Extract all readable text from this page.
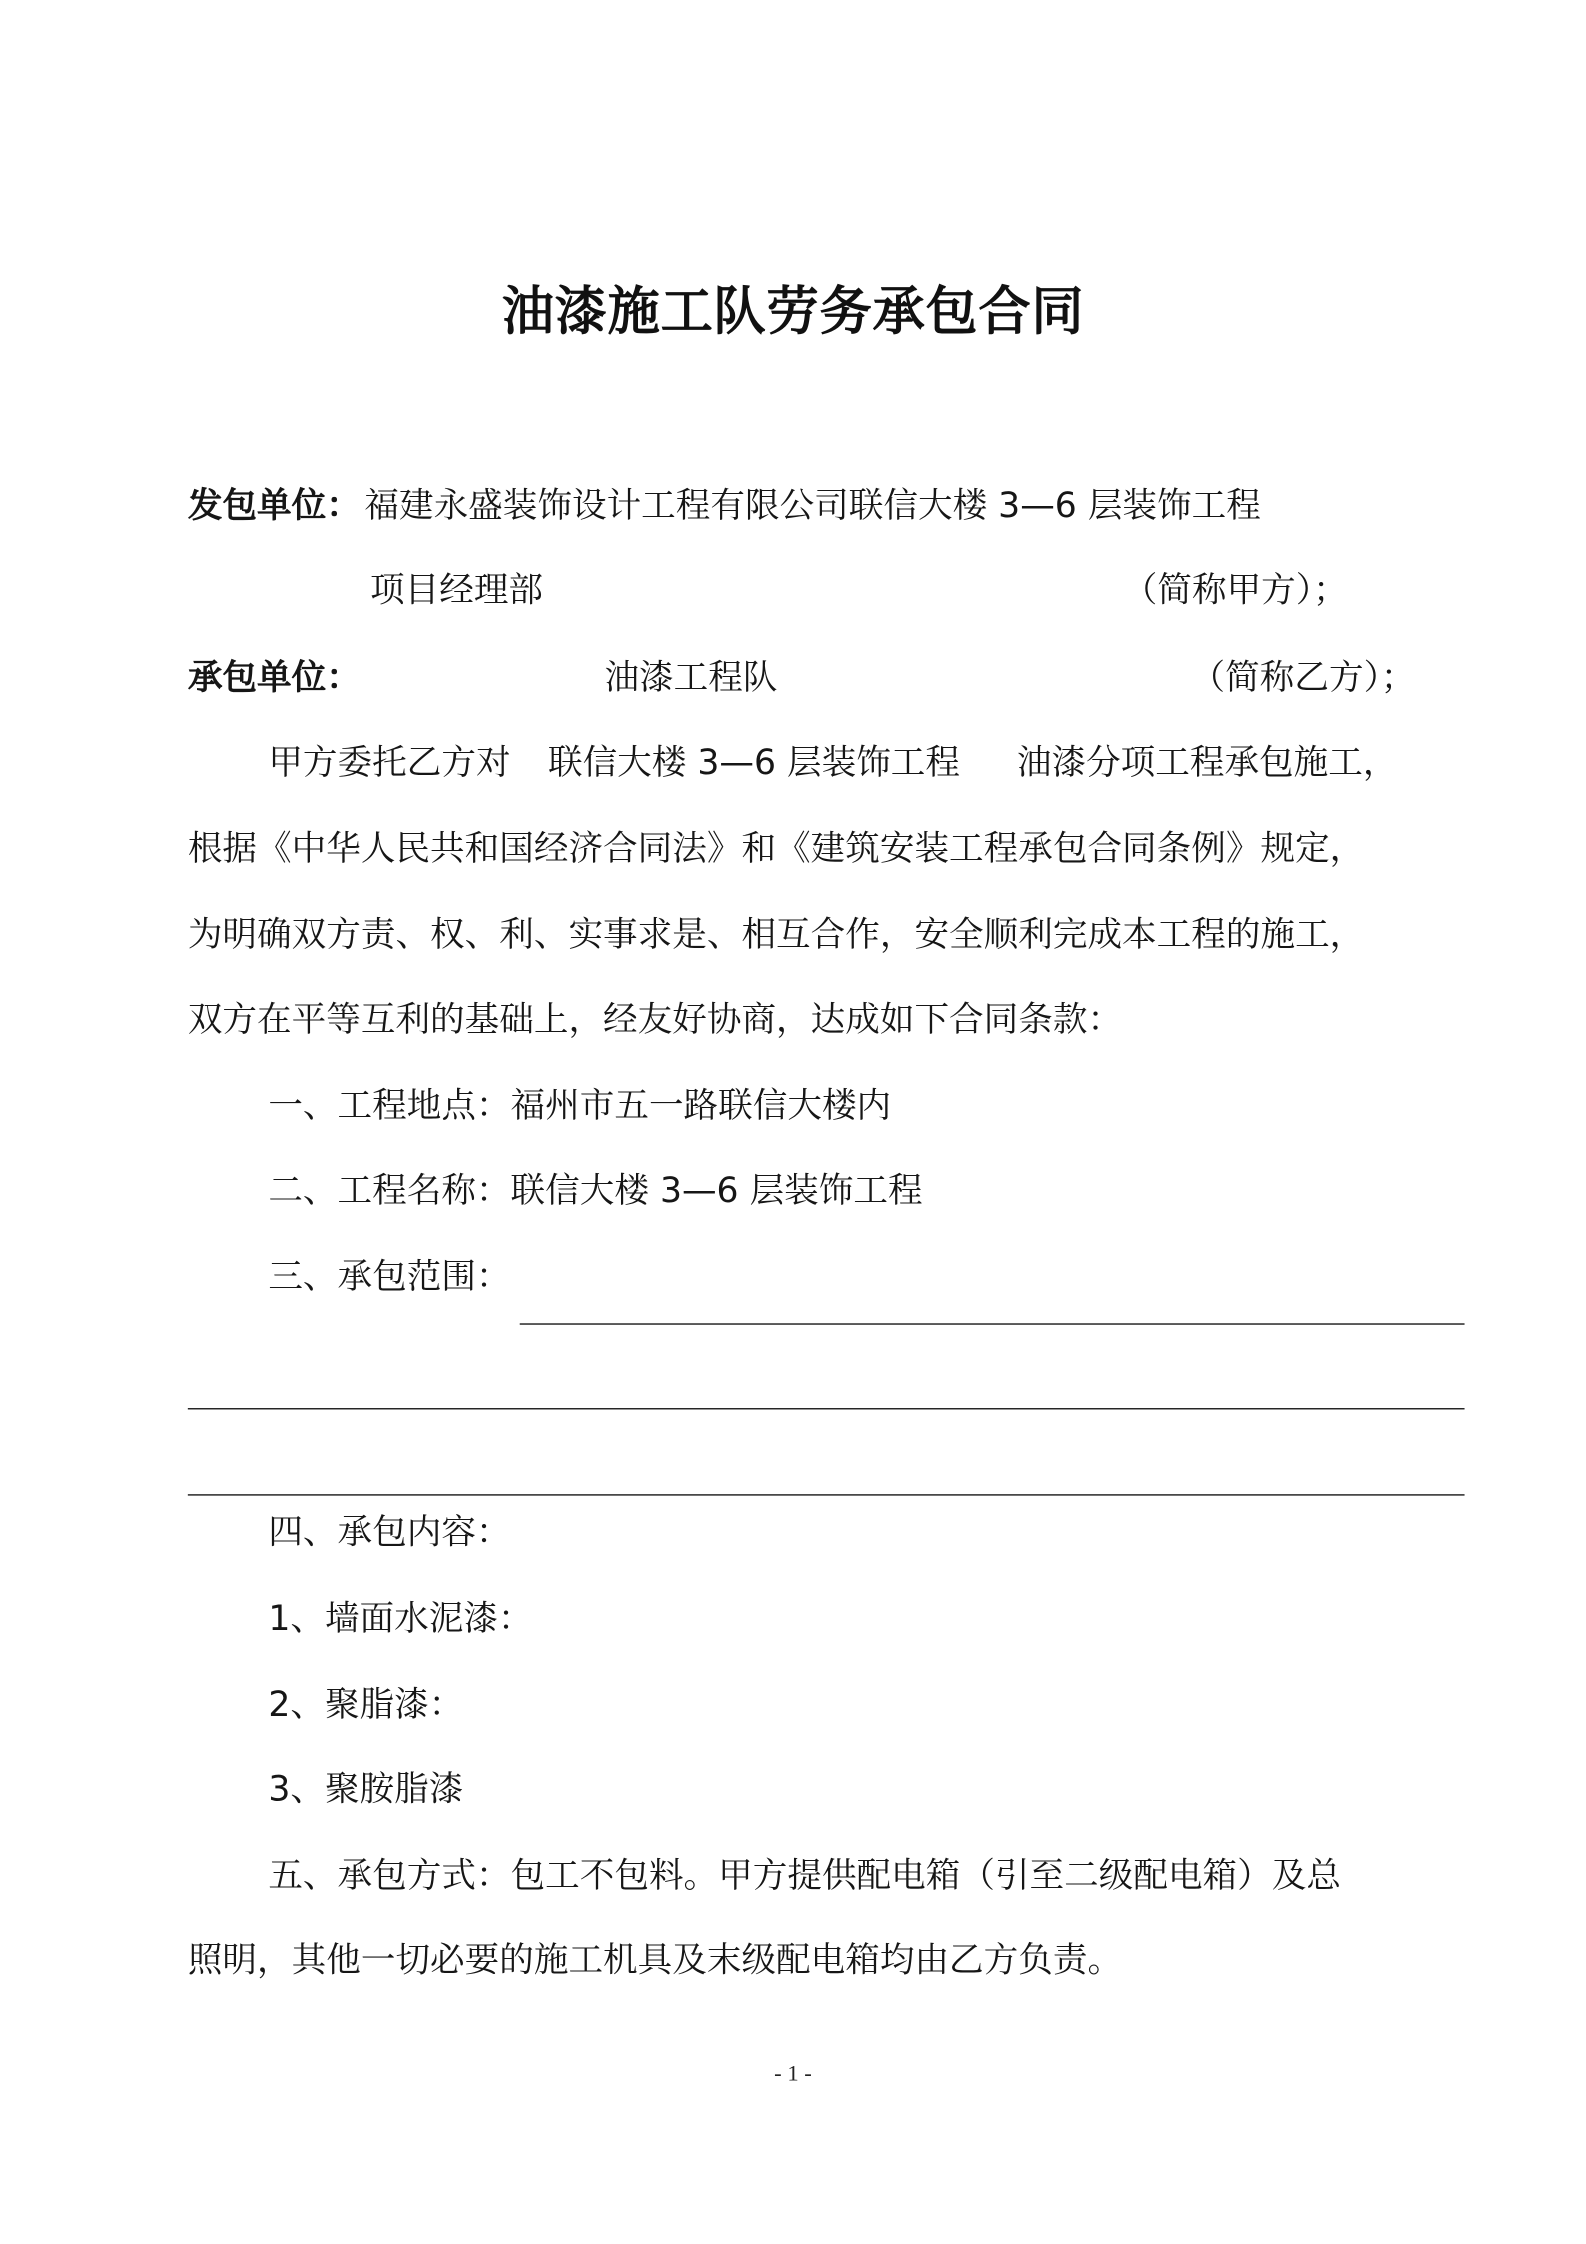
油漆施工队劳务承包合同
发包单位： 福建永盛装饰设计工程有限公司联信大楼 3—6 层装饰工程
项目经理部	（简称甲方）；
承包单位：	油漆工程队	（简称乙方）；
甲方委托乙方对 联信大楼 3—6 层装饰工程 油漆分项工程承包施工，
根据《中华人民共和国经济合同法》和《建筑安装工程承包合同条例》规定，
为明确双方责、权、利、实事求是、相互合作，安全顺利完成本工程的施工，
双方在平等互利的基础上，经友好协商，达成如下合同条款：
一、工程地点：福州市五一路联信大楼内
二、工程名称：联信大楼 3—6 层装饰工程
三、承包范围：
四、承包内容：
1、墙面水泥漆：
2、聚脂漆：
3、聚胺脂漆
五、承包方式：包工不包料。甲方提供配电箱（引至二级配电箱）及总
照明，其他一切必要的施工机具及末级配电箱均由乙方负责。
- 1 -
